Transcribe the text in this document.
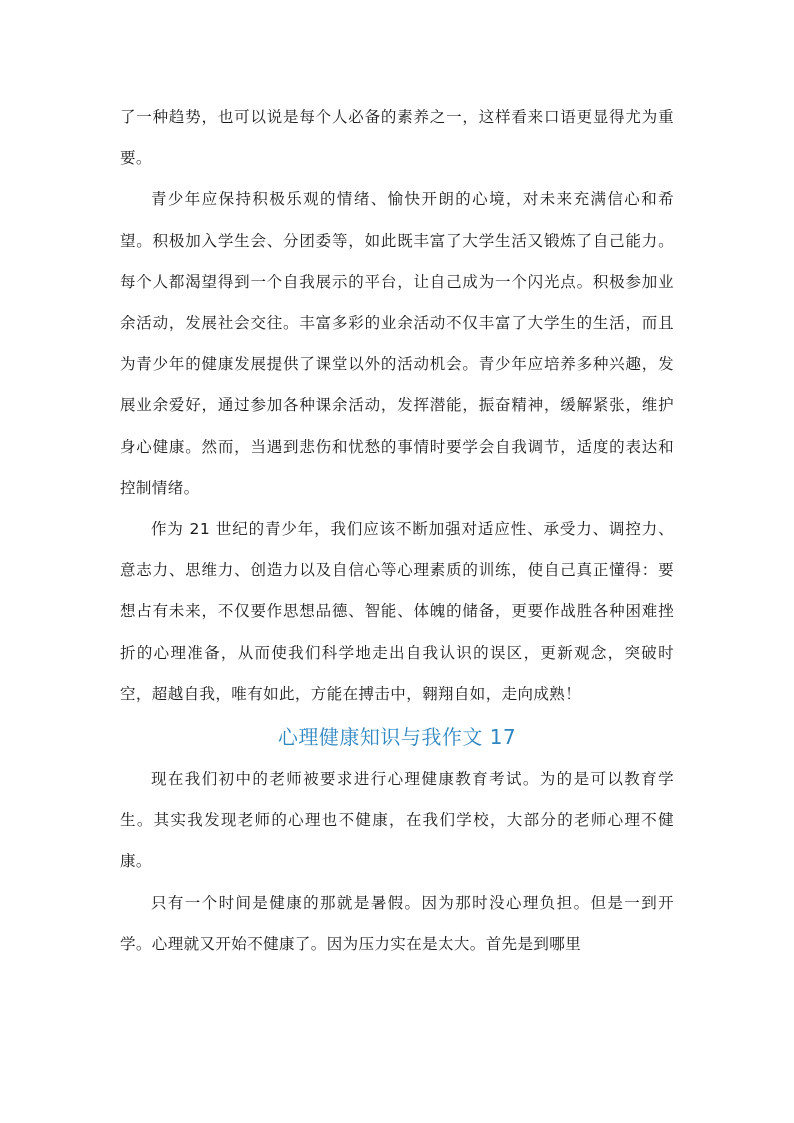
了一种趋势，也可以说是每个人必备的素养之一，这样看来口语更显得尤为重要。

青少年应保持积极乐观的情绪、愉快开朗的心境，对未来充满信心和希望。积极加入学生会、分团委等，如此既丰富了大学生活又锻炼了自己能力。每个人都渴望得到一个自我展示的平台，让自己成为一个闪光点。积极参加业余活动，发展社会交往。丰富多彩的业余活动不仅丰富了大学生的生活，而且为青少年的健康发展提供了课堂以外的活动机会。青少年应培养多种兴趣，发展业余爱好，通过参加各种课余活动，发挥潜能，振奋精神，缓解紧张，维护身心健康。然而，当遇到悲伤和忧愁的事情时要学会自我调节，适度的表达和控制情绪。

作为 21 世纪的青少年，我们应该不断加强对适应性、承受力、调控力、意志力、思维力、创造力以及自信心等心理素质的训练，使自己真正懂得：要想占有未来，不仅要作思想品德、智能、体魄的储备，更要作战胜各种困难挫折的心理准备，从而使我们科学地走出自我认识的误区，更新观念，突破时空，超越自我，唯有如此，方能在搏击中，翱翔自如，走向成熟！

心理健康知识与我作文 17

现在我们初中的老师被要求进行心理健康教育考试。为的是可以教育学生。其实我发现老师的心理也不健康，在我们学校，大部分的老师心理不健康。

只有一个时间是健康的那就是暑假。因为那时没心理负担。但是一到开学。心理就又开始不健康了。因为压力实在是太大。首先是到哪里
